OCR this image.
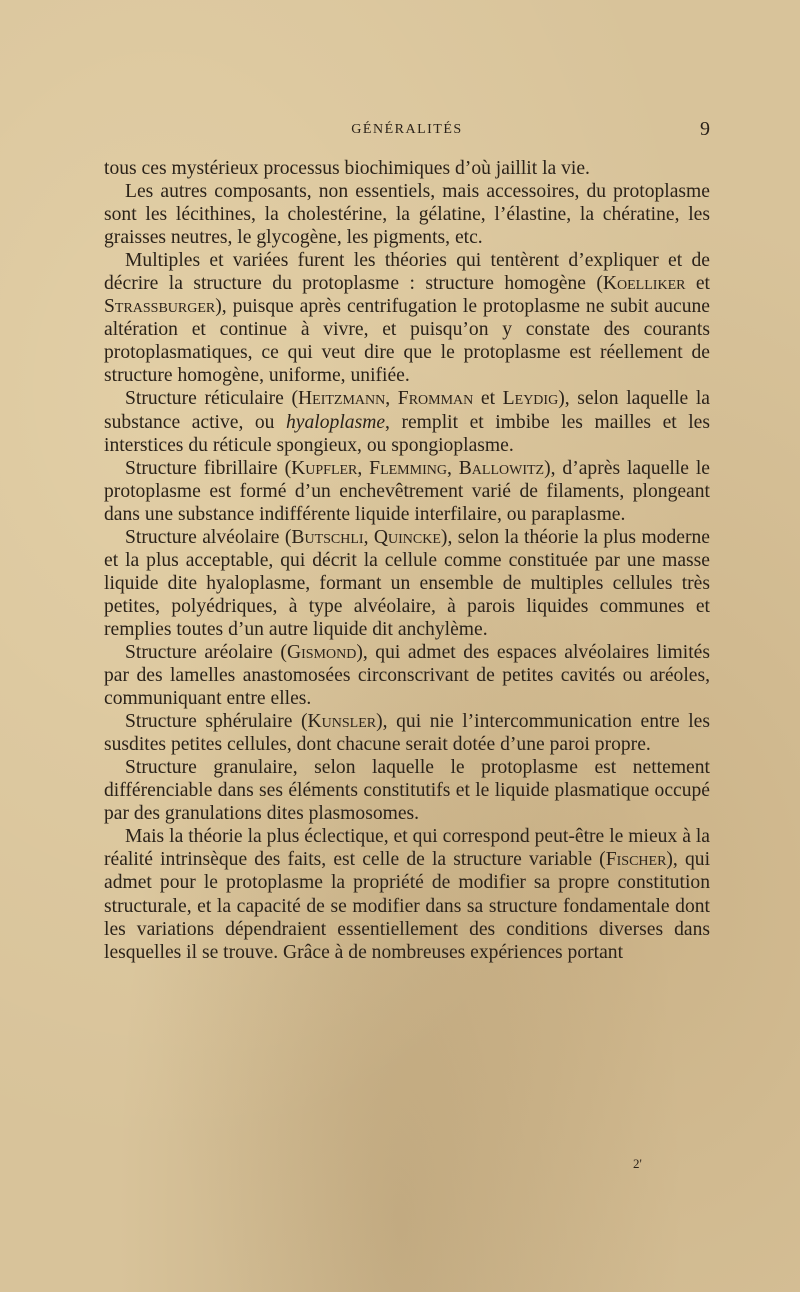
GÉNÉRALITÉS	9

tous ces mystérieux processus biochimiques d’où jaillit la vie.

Les autres composants, non essentiels, mais accessoires, du protoplasme sont les lécithines, la cholestérine, la gélatine, l’élastine, la chératine, les graisses neutres, le glycogène, les pigments, etc.

Multiples et variées furent les théories qui tentèrent d’expliquer et de décrire la structure du protoplasme : structure homogène (Koelliker et Strassburger), puisque après centrifugation le protoplasme ne subit aucune altération et continue à vivre, et puisqu’on y constate des courants protoplasmatiques, ce qui veut dire que le protoplasme est réellement de structure homogène, uniforme, unifiée.

Structure réticulaire (Heitzmann, Fromman et Leydig), selon laquelle la substance active, ou hyaloplasme, remplit et imbibe les mailles et les interstices du réticule spongieux, ou spongioplasme.

Structure fibrillaire (Kupfler, Flemming, Ballowitz), d’après laquelle le protoplasme est formé d’un enchevêtrement varié de filaments, plongeant dans une substance indifférente liquide interfilaire, ou paraplasme.

Structure alvéolaire (Butschli, Quincke), selon la théorie la plus moderne et la plus acceptable, qui décrit la cellule comme constituée par une masse liquide dite hyaloplasme, formant un ensemble de multiples cellules très petites, polyédriques, à type alvéolaire, à parois liquides communes et remplies toutes d’un autre liquide dit anchylème.

Structure aréolaire (Gismond), qui admet des espaces alvéolaires limités par des lamelles anastomosées circonscrivant de petites cavités ou aréoles, communiquant entre elles.

Structure sphérulaire (Kunsler), qui nie l’intercommunication entre les susdites petites cellules, dont chacune serait dotée d’une paroi propre.

Structure granulaire, selon laquelle le protoplasme est nettement différenciable dans ses éléments constitutifs et le liquide plasmatique occupé par des granulations dites plasmosomes.

Mais la théorie la plus éclectique, et qui correspond peut-être le mieux à la réalité intrinsèque des faits, est celle de la structure variable (Fischer), qui admet pour le protoplasme la propriété de modifier sa propre constitution structurale, et la capacité de se modifier dans sa structure fondamentale dont les variations dépendraient essentiellement des conditions diverses dans lesquelles il se trouve. Grâce à de nombreuses expériences portant

2'
